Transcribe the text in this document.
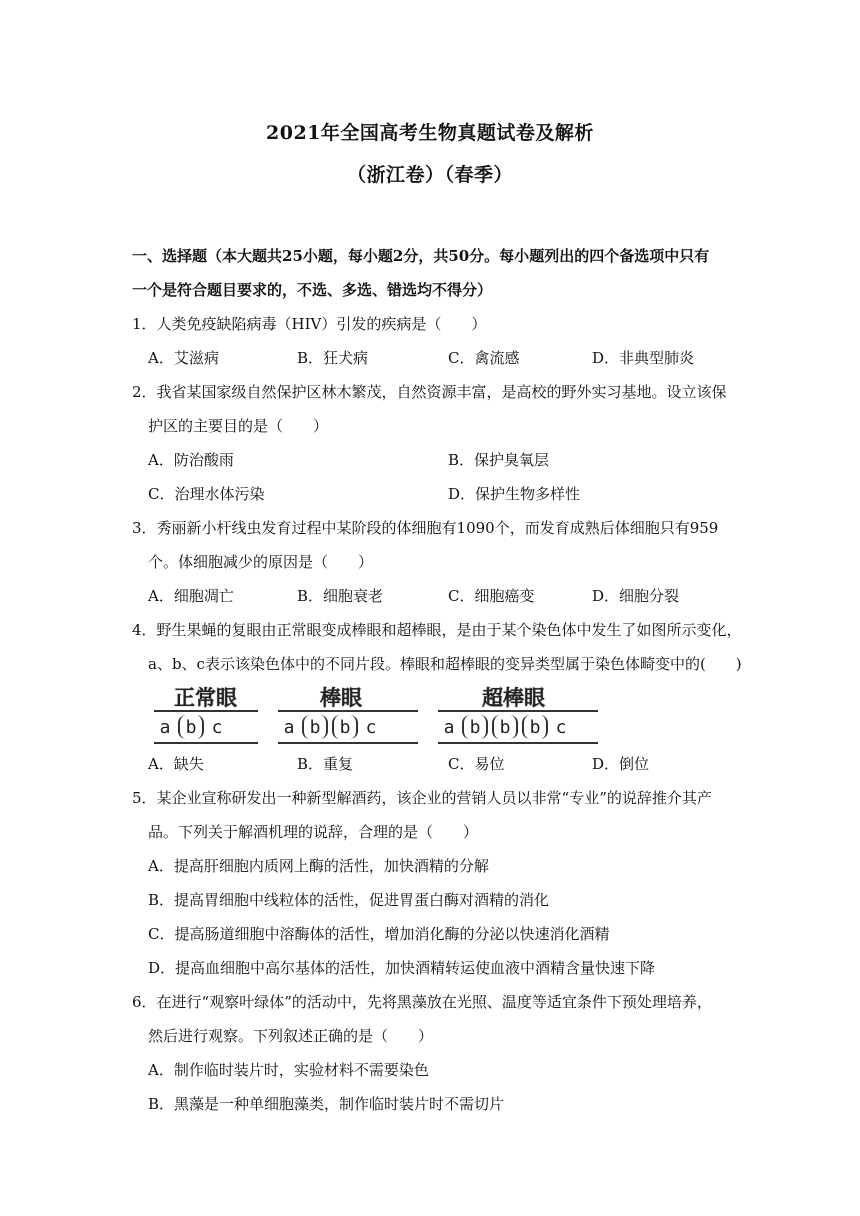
2021年全国高考生物真题试卷及解析
（浙江卷）（春季）
一、选择题（本大题共25小题，每小题2分，共50分。每小题列出的四个备选项中只有
一个是符合题目要求的，不选、多选、错选均不得分）
1．人类免疫缺陷病毒（HIV）引发的疾病是（　　）
A．艾滋病	B．狂犬病	C．禽流感	D．非典型肺炎
2．我省某国家级自然保护区林木繁茂，自然资源丰富，是高校的野外实习基地。设立该保
护区的主要目的是（　　）
A．防治酸雨	B．保护臭氧层
C．治理水体污染	D．保护生物多样性
3．秀丽新小杆线虫发育过程中某阶段的体细胞有1090个，而发育成熟后体细胞只有959
个。体细胞减少的原因是（　　）
A．细胞凋亡	B．细胞衰老	C．细胞癌变	D．细胞分裂
4．野生果蝇的复眼由正常眼变成棒眼和超棒眼，是由于某个染色体中发生了如图所示变化，
a、b、c表示该染色体中的不同片段。棒眼和超棒眼的变异类型属于染色体畸变中的(　　)
正常眼	棒眼	超棒眼
a b c	a b	b c	a b	b	b c
A．缺失	B．重复	C．易位	D．倒位
5．某企业宣称研发出一种新型解酒药，该企业的营销人员以非常“专业”的说辞推介其产
品。下列关于解酒机理的说辞，合理的是（　　）
A．提高肝细胞内质网上酶的活性，加快酒精的分解
B．提高胃细胞中线粒体的活性，促进胃蛋白酶对酒精的消化
C．提高肠道细胞中溶酶体的活性，增加消化酶的分泌以快速消化酒精
D．提高血细胞中高尔基体的活性，加快酒精转运使血液中酒精含量快速下降
6．在进行“观察叶绿体”的活动中，先将黑藻放在光照、温度等适宜条件下预处理培养，
然后进行观察。下列叙述正确的是（　　）
A．制作临时装片时，实验材料不需要染色
B．黑藻是一种单细胞藻类，制作临时装片时不需切片
